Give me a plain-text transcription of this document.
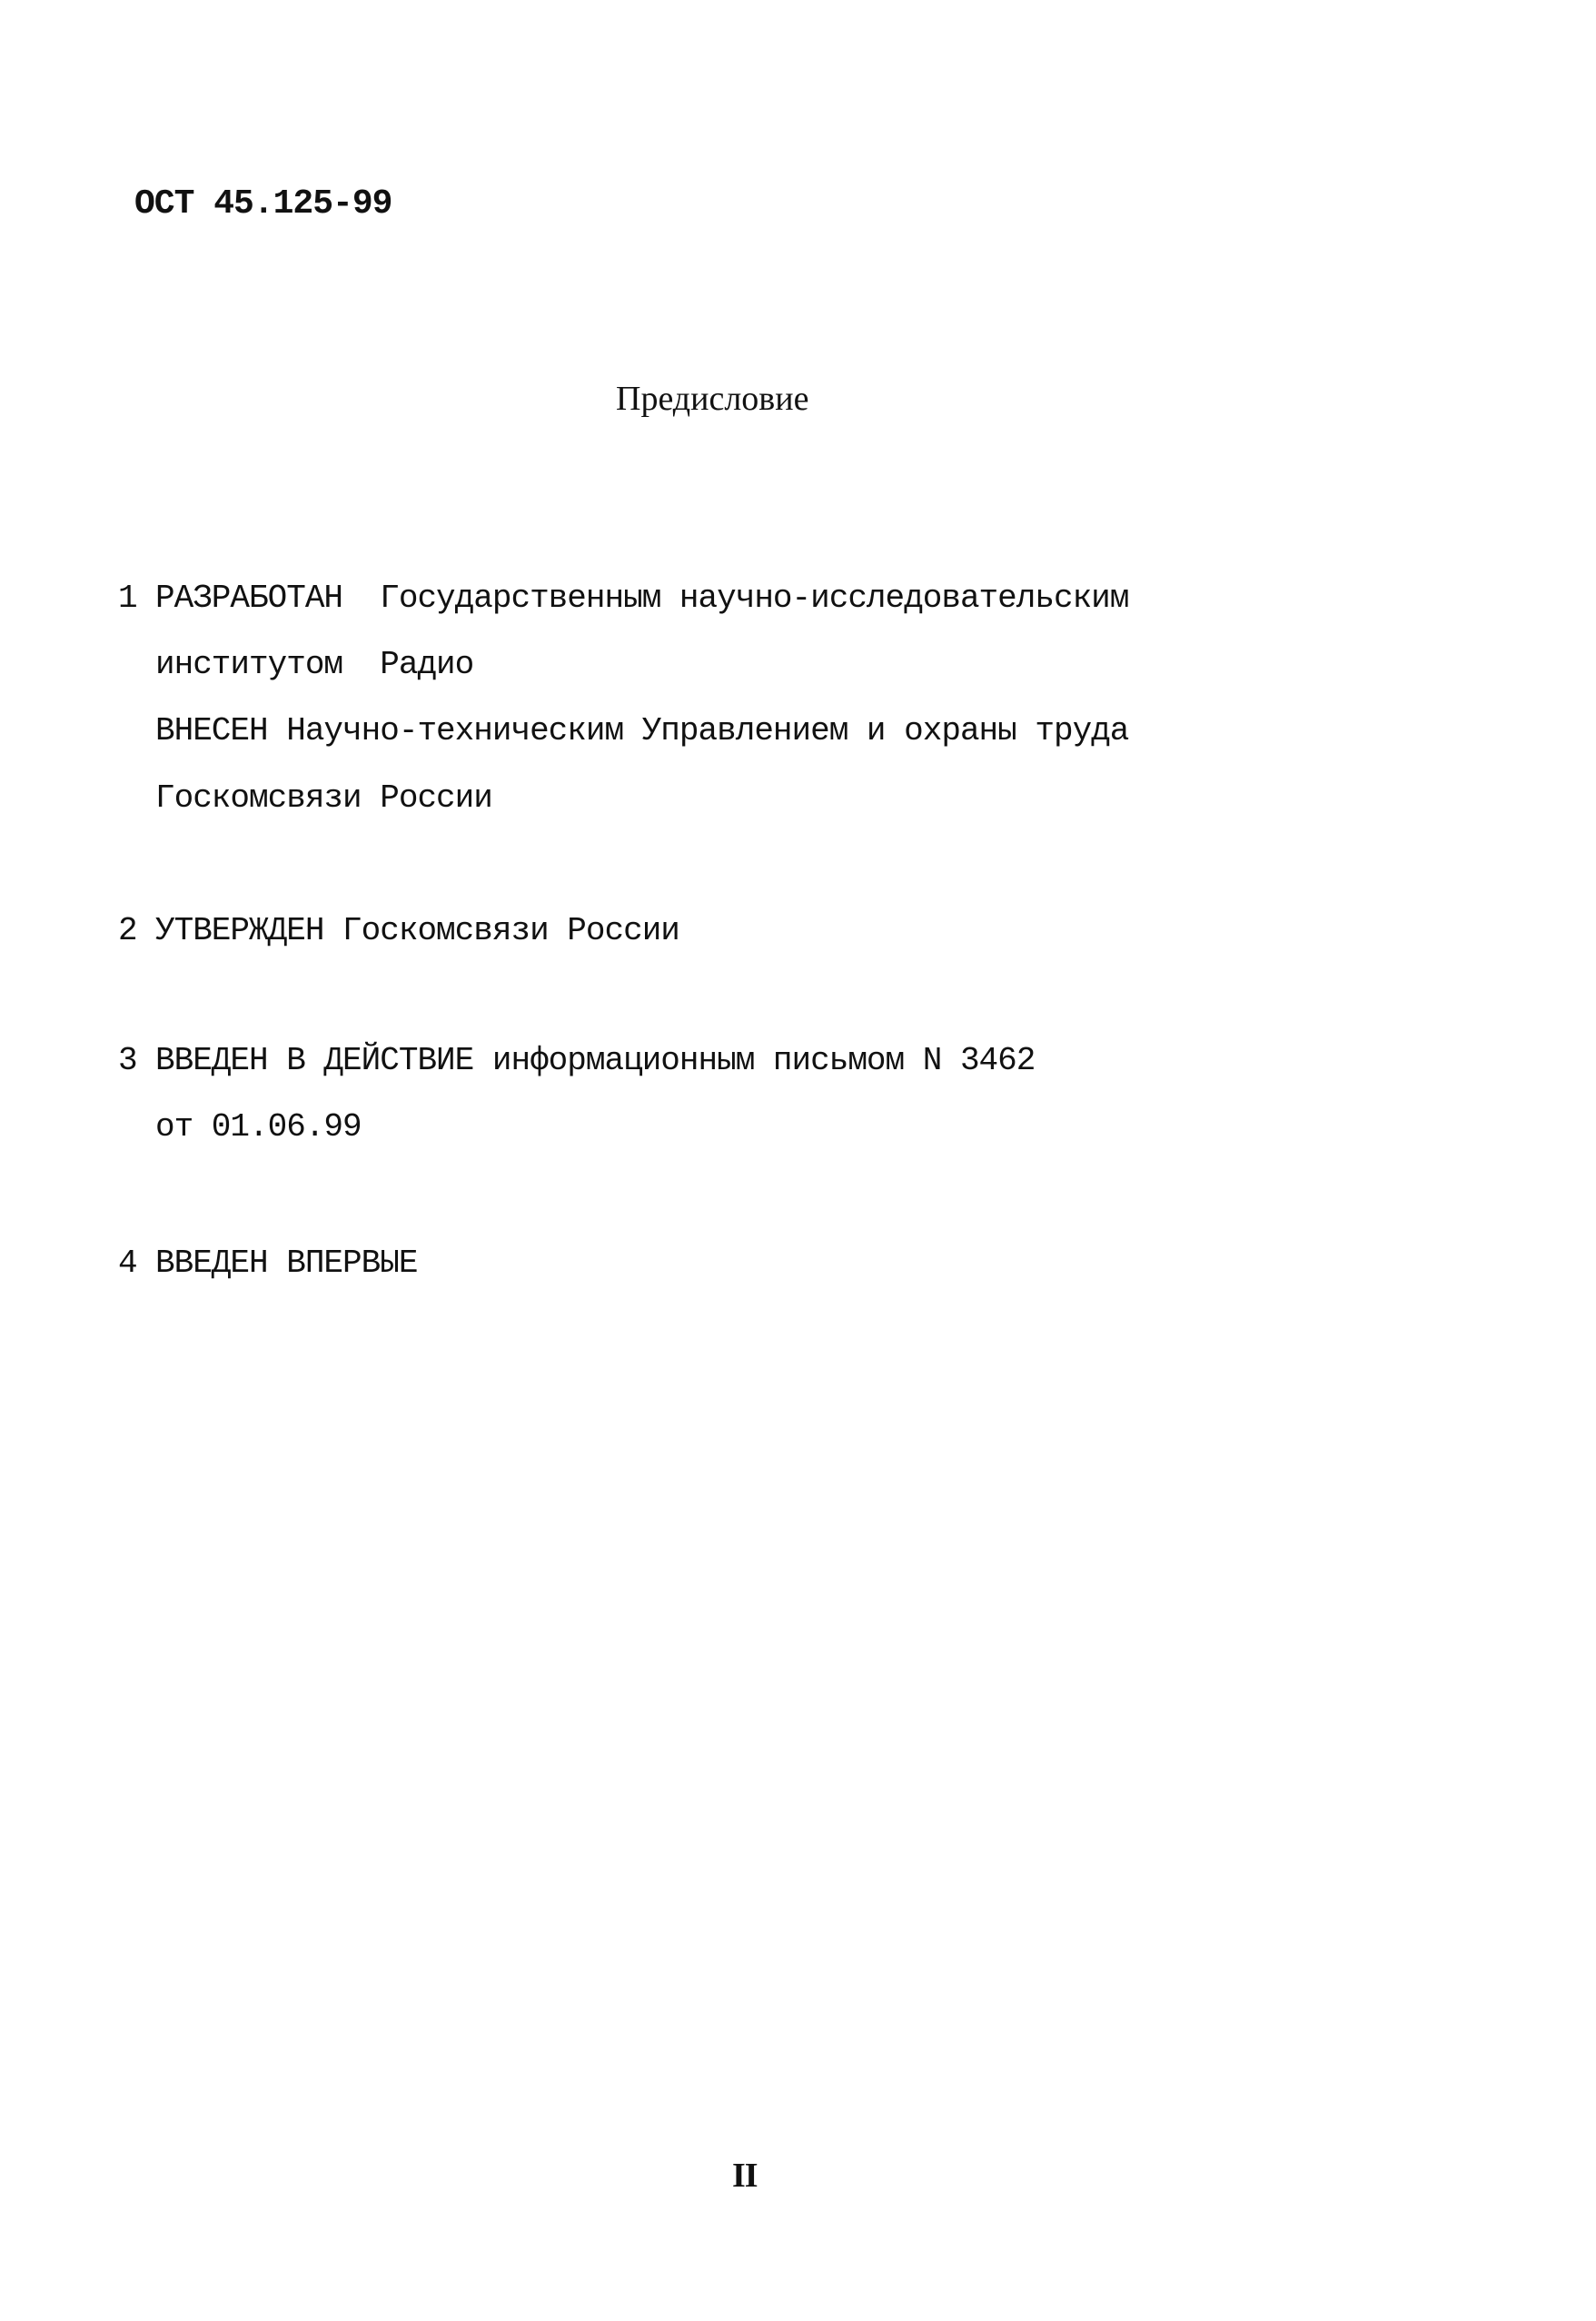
ОСТ 45.125-99
Предисловие
1 РАЗРАБОТАН  Государственным научно-исследовательским
институтом  Радио
ВНЕСЕН Научно-техническим Управлением и охраны труда
Госкомсвязи России
2 УТВЕРЖДЕН Госкомсвязи России
3 ВВЕДЕН В ДЕЙСТВИЕ информационным письмом N 3462
от 01.06.99
4 ВВЕДЕН ВПЕРВЫЕ
II
